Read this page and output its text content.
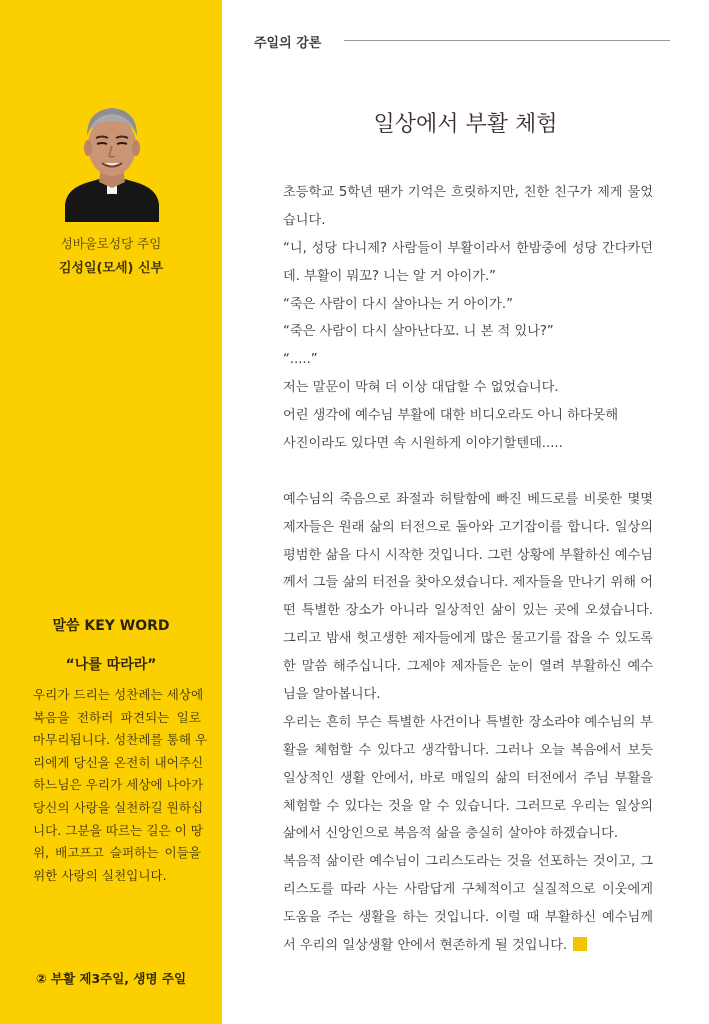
성바울로성당 주임
김성일(모세) 신부
말씀 KEY WORD
“나를 따라라”
우리가 드리는 성찬례는 세상에
복음을 전하러 파견되는 일로
마무리됩니다. 성찬례를 통해 우
리에게 당신을 온전히 내어주신
하느님은 우리가 세상에 나아가
당신의 사랑을 실천하길 원하십
니다. 그분을 따르는 길은 이 땅
위, 배고프고 슬퍼하는 이들을
위한 사랑의 실천입니다.
② 부활 제3주일, 생명 주일
주일의 강론
일상에서 부활 체험
초등학교 5학년 땐가 기억은 흐릿하지만, 친한 친구가 제게 물었
습니다.
“니, 성당 다니제? 사람들이 부활이라서 한밤중에 성당 간다카던
데. 부활이 뭐꼬? 니는 알 거 아이가.”
“죽은 사람이 다시 살아나는 거 아이가.”
“죽은 사람이 다시 살아난다꼬. 니 본 적 있나?”
“.....”
저는 말문이 막혀 더 이상 대답할 수 없었습니다.
어린 생각에 예수님 부활에 대한 비디오라도 아니 하다못해
사진이라도 있다면 속 시원하게 이야기할텐데.....
예수님의 죽음으로 좌절과 허탈함에 빠진 베드로를 비롯한 몇몇
제자들은 원래 삶의 터전으로 돌아와 고기잡이를 합니다. 일상의
평범한 삶을 다시 시작한 것입니다. 그런 상황에 부활하신 예수님
께서 그들 삶의 터전을 찾아오셨습니다. 제자들을 만나기 위해 어
떤 특별한 장소가 아니라 일상적인 삶이 있는 곳에 오셨습니다.
그리고 밤새 헛고생한 제자들에게 많은 물고기를 잡을 수 있도록
한 말씀 해주십니다. 그제야 제자들은 눈이 열려 부활하신 예수
님을 알아봅니다.
우리는 흔히 무슨 특별한 사건이나 특별한 장소라야 예수님의 부
활을 체험할 수 있다고 생각합니다. 그러나 오늘 복음에서 보듯
일상적인 생활 안에서, 바로 매일의 삶의 터전에서 주님 부활을
체험할 수 있다는 것을 알 수 있습니다. 그러므로 우리는 일상의
삶에서 신앙인으로 복음적 삶을 충실히 살아야 하겠습니다.
복음적 삶이란 예수님이 그리스도라는 것을 선포하는 것이고, 그
리스도를 따라 사는 사람답게 구체적이고 실질적으로 이웃에게
도움을 주는 생활을 하는 것입니다. 이럴 때 부활하신 예수님께
서 우리의 일상생활 안에서 현존하게 될 것입니다.
